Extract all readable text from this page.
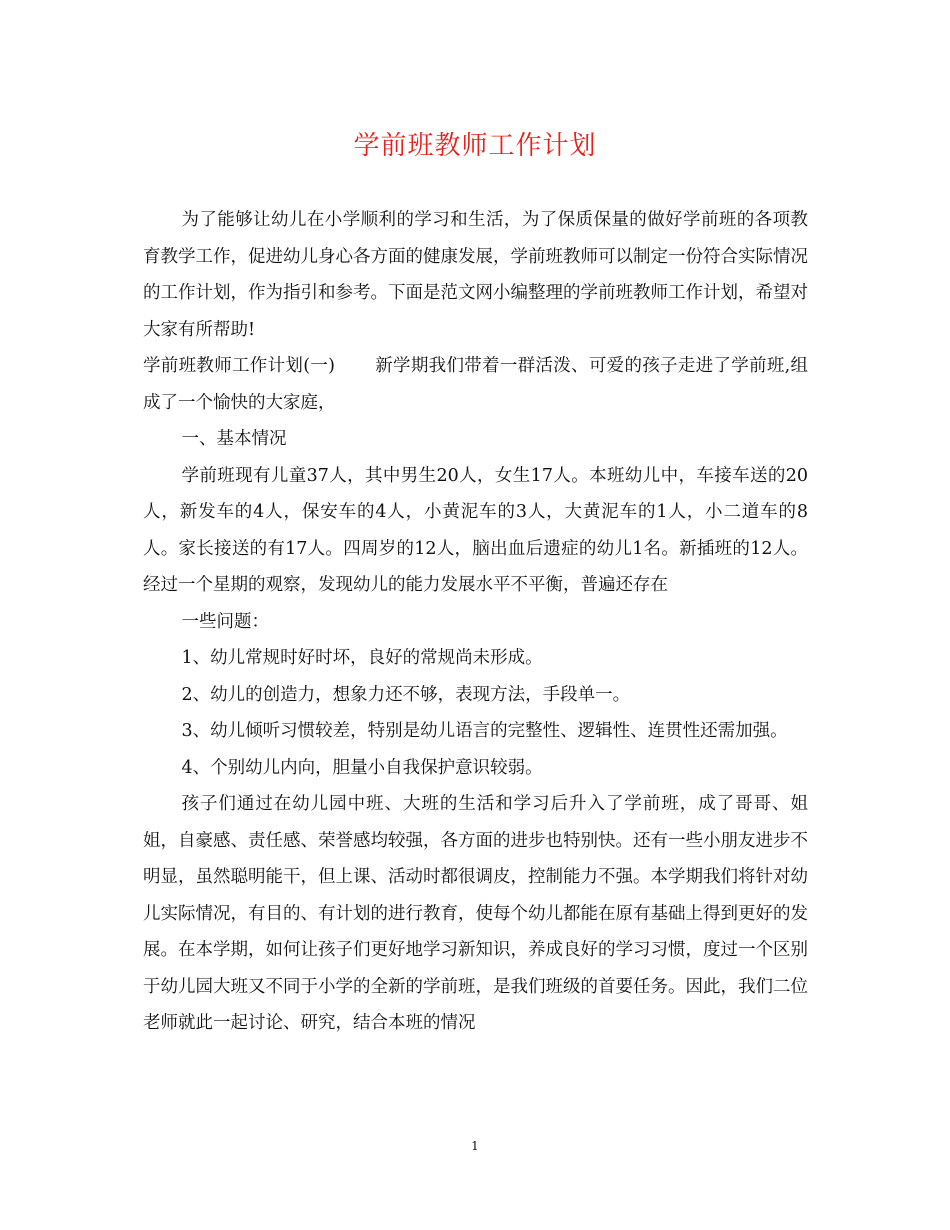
学前班教师工作计划

为了能够让幼儿在小学顺利的学习和生活，为了保质保量的做好学前班的各项教育教学工作，促进幼儿身心各方面的健康发展，学前班教师可以制定一份符合实际情况的工作计划，作为指引和参考。下面是范文网小编整理的学前班教师工作计划，希望对大家有所帮助!

学前班教师工作计划(一) 新学期我们带着一群活泼、可爱的孩子走进了学前班,组成了一个愉快的大家庭，

一、基本情况

学前班现有儿童37人，其中男生20人，女生17人。本班幼儿中，车接车送的20人，新发车的4人，保安车的4人，小黄泥车的3人，大黄泥车的1人，小二道车的8人。家长接送的有17人。四周岁的12人，脑出血后遗症的幼儿1名。新插班的12人。经过一个星期的观察，发现幼儿的能力发展水平不平衡，普遍还存在

一些问题：

1、幼儿常规时好时坏，良好的常规尚未形成。

2、幼儿的创造力，想象力还不够，表现方法，手段单一。

3、幼儿倾听习惯较差，特别是幼儿语言的完整性、逻辑性、连贯性还需加强。

4、个别幼儿内向，胆量小自我保护意识较弱。

孩子们通过在幼儿园中班、大班的生活和学习后升入了学前班，成了哥哥、姐姐，自豪感、责任感、荣誉感均较强，各方面的进步也特别快。还有一些小朋友进步不明显，虽然聪明能干，但上课、活动时都很调皮，控制能力不强。本学期我们将针对幼儿实际情况，有目的、有计划的进行教育，使每个幼儿都能在原有基础上得到更好的发展。在本学期，如何让孩子们更好地学习新知识，养成良好的学习习惯，度过一个区别于幼儿园大班又不同于小学的全新的学前班，是我们班级的首要任务。因此，我们二位老师就此一起讨论、研究，结合本班的情况

1
